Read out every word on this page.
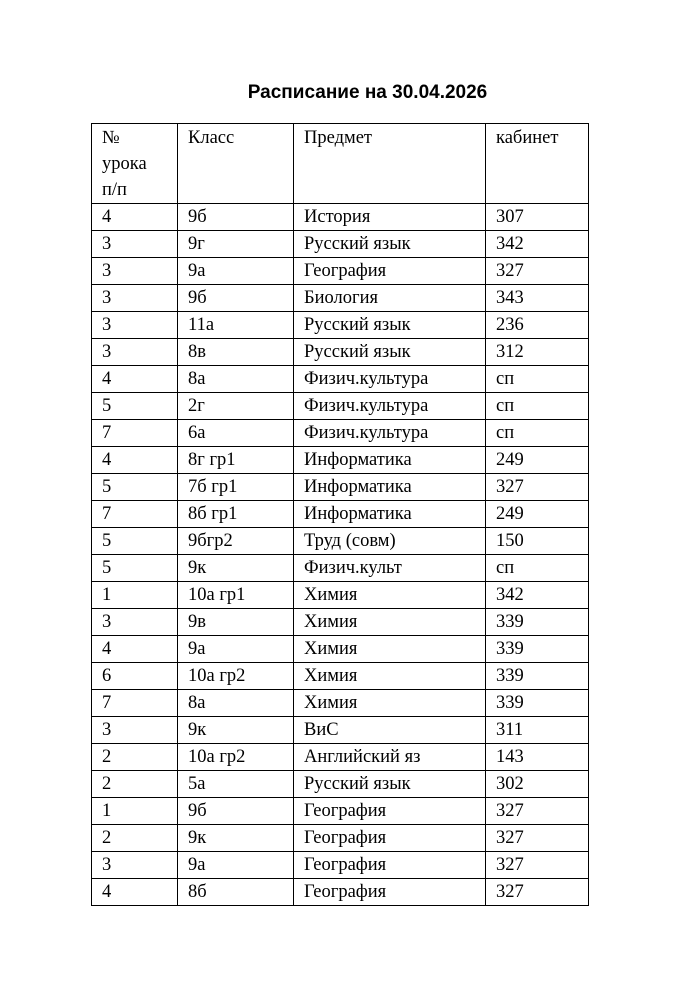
Расписание на 30.04.2026
№ урока п/п	Класс	Предмет	кабинет
4	9б	История	307
3	9г	Русский язык	342
3	9а	География	327
3	9б	Биология	343
3	11а	Русский язык	236
3	8в	Русский язык	312
4	8а	Физич.культура	сп
5	2г	Физич.культура	сп
7	6а	Физич.культура	сп
4	8г гр1	Информатика	249
5	7б гр1	Информатика	327
7	8б гр1	Информатика	249
5	9бгр2	Труд (совм)	150
5	9к	Физич.культ	сп
1	10а гр1	Химия	342
3	9в	Химия	339
4	9а	Химия	339
6	10а гр2	Химия	339
7	8а	Химия	339
3	9к	ВиС	311
2	10а гр2	Английский яз	143
2	5а	Русский язык	302
1	9б	География	327
2	9к	География	327
3	9а	География	327
4	8б	География	327
